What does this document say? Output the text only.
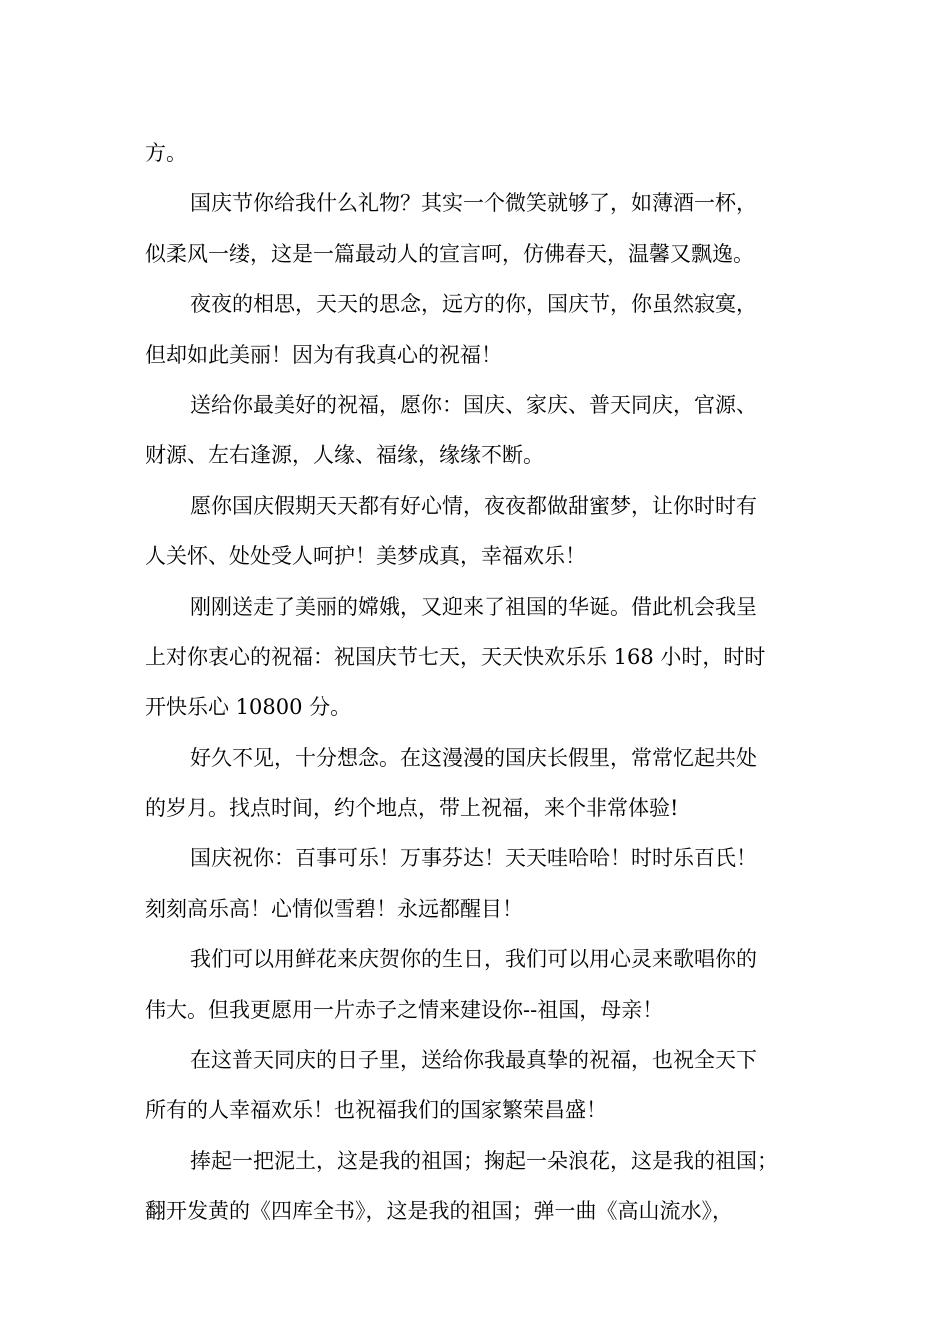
方。
国庆节你给我什么礼物？其实一个微笑就够了，如薄酒一杯，
似柔风一缕，这是一篇最动人的宣言呵，仿佛春天，温馨又飘逸。
夜夜的相思，天天的思念，远方的你，国庆节，你虽然寂寞，
但却如此美丽！因为有我真心的祝福！
送给你最美好的祝福，愿你：国庆、家庆、普天同庆，官源、
财源、左右逢源，人缘、福缘，缘缘不断。
愿你国庆假期天天都有好心情，夜夜都做甜蜜梦，让你时时有
人关怀、处处受人呵护！美梦成真，幸福欢乐！
刚刚送走了美丽的嫦娥，又迎来了祖国的华诞。借此机会我呈
上对你衷心的祝福：祝国庆节七天，天天快欢乐乐 168 小时，时时
开快乐心 10800 分。
好久不见，十分想念。在这漫漫的国庆长假里，常常忆起共处
的岁月。找点时间，约个地点，带上祝福，来个非常体验!
国庆祝你：百事可乐！万事芬达！天天哇哈哈！时时乐百氏！
刻刻高乐高！心情似雪碧！永远都醒目！
我们可以用鲜花来庆贺你的生日，我们可以用心灵来歌唱你的
伟大。但我更愿用一片赤子之情来建设你--祖国，母亲！
在这普天同庆的日子里，送给你我最真挚的祝福，也祝全天下
所有的人幸福欢乐！也祝福我们的国家繁荣昌盛！
捧起一把泥土，这是我的祖国；掬起一朵浪花，这是我的祖国；
翻开发黄的《四库全书》，这是我的祖国；弹一曲《高山流水》，
